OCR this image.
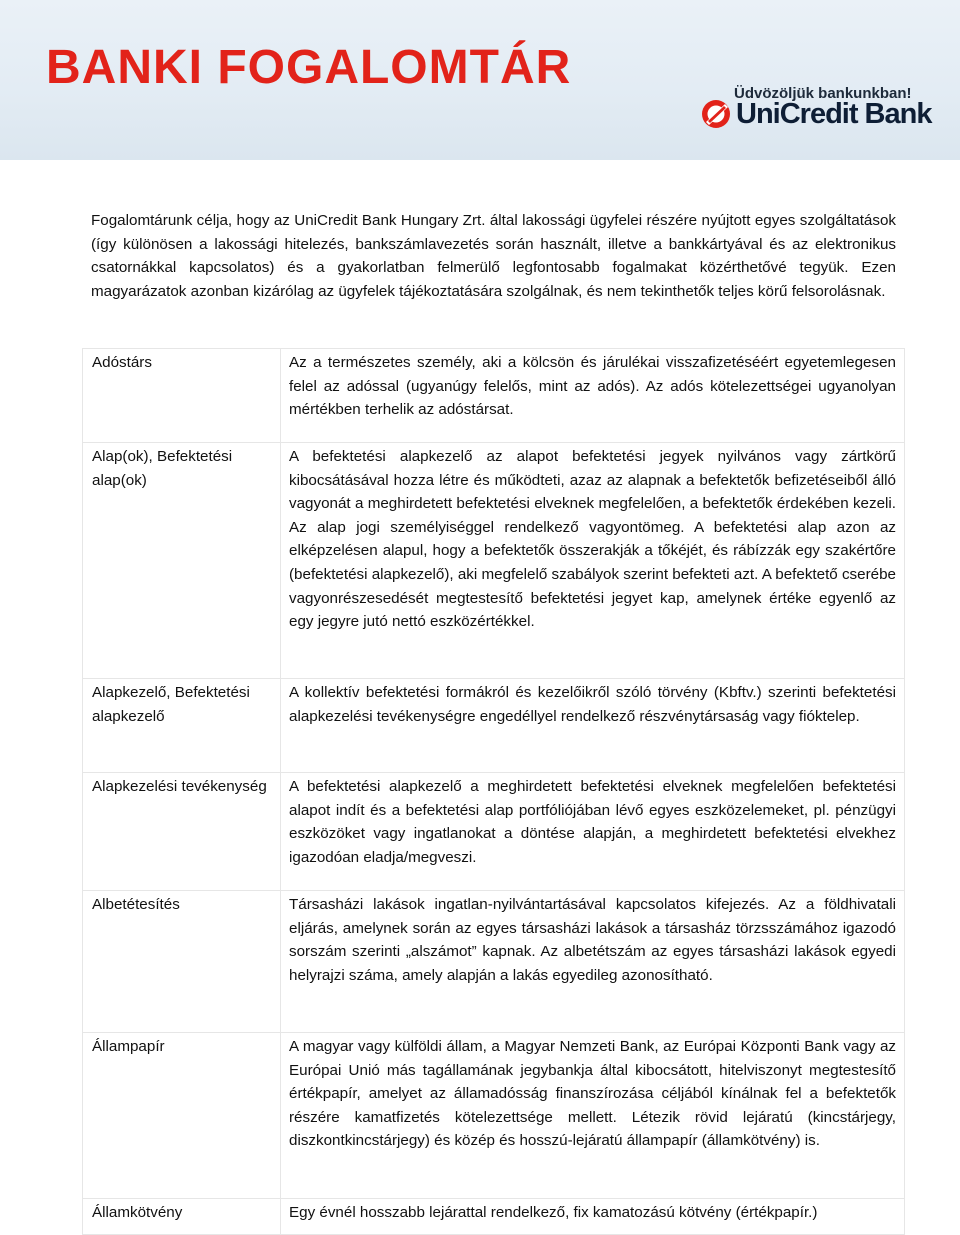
BANKI FOGALOMTÁR	Üdvözöljük bankunkban!
UniCredit Bank
Fogalomtárunk célja, hogy az UniCredit Bank Hungary Zrt. által lakossági ügyfelei részére nyújtott egyes szolgáltatások (így különösen a lakossági hitelezés, bankszámlavezetés során használt, illetve a bankkártyával és az elektronikus csatornákkal kapcsolatos) és a gyakorlatban felmerülő legfontosabb fogalmakat közérthetővé tegyük. Ezen magyarázatok azonban kizárólag az ügyfelek tájékoztatására szolgálnak, és nem tekinthetők teljes körű felsorolásnak.
Adóstárs	Az a természetes személy, aki a kölcsön és járulékai visszafizetéséért egyetemlegesen felel az adóssal (ugyanúgy felelős, mint az adós). Az adós kötelezettségei ugyanolyan mértékben terhelik az adóstársat.
Alap(ok), Befektetési alap(ok)	A befektetési alapkezelő az alapot befektetési jegyek nyilvános vagy zártkörű kibocsátásával hozza létre és működteti, azaz az alapnak a befektetők befizetéseiből álló vagyonát a meghirdetett befektetési elveknek megfelelően, a befektetők érdekében kezeli. Az alap jogi személyiséggel rendelkező vagyontömeg. A befektetési alap azon az elképzelésen alapul, hogy a befektetők összerakják a tőkéjét, és rábízzák egy szakértőre (befektetési alapkezelő), aki megfelelő szabályok szerint befekteti azt. A befektető cserébe vagyonrészesedését megtestesítő befektetési jegyet kap, amelynek értéke egyenlő az egy jegyre jutó nettó eszközértékkel.
Alapkezelő, Befektetési alapkezelő	A kollektív befektetési formákról és kezelőikről szóló törvény (Kbftv.) szerinti befektetési alapkezelési tevékenységre engedéllyel rendelkező részvénytársaság vagy fióktelep.
Alapkezelési tevékenység	A befektetési alapkezelő a meghirdetett befektetési elveknek megfelelően befektetési alapot indít és a befektetési alap portfóliójában lévő egyes eszközelemeket, pl. pénzügyi eszközöket vagy ingatlanokat a döntése alapján, a meghirdetett befektetési elvekhez igazodóan eladja/megveszi.
Albetétesítés	Társasházi lakások ingatlan-nyilvántartásával kapcsolatos kifejezés. Az a földhivatali eljárás, amelynek során az egyes társasházi lakások a társasház törzsszámához igazodó sorszám szerinti „alszámot” kapnak. Az albetétszám az egyes társasházi lakások egyedi helyrajzi száma, amely alapján a lakás egyedileg azonosítható.
Állampapír	A magyar vagy külföldi állam, a Magyar Nemzeti Bank, az Európai Központi Bank vagy az Európai Unió más tagállamának jegybankja által kibocsátott, hitelviszonyt megtestesítő értékpapír, amelyet az államadósság finanszírozása céljából kínálnak fel a befektetők részére kamatfizetés kötelezettsége mellett. Létezik rövid lejáratú (kincstárjegy, diszkontkincstárjegy) és közép és hosszú-lejáratú állampapír (államkötvény) is.
Államkötvény	Egy évnél hosszabb lejárattal rendelkező, fix kamatozású kötvény (értékpapír.)
